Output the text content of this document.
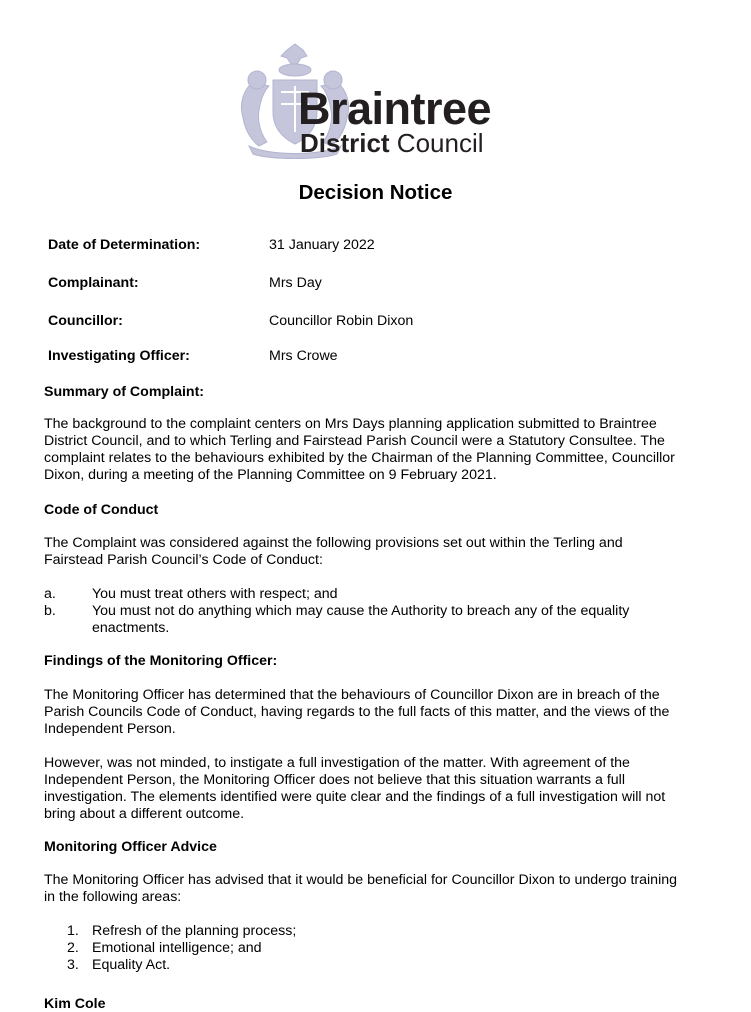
Braintree
District Council
Decision Notice
Date of Determination:	31 January 2022
Complainant:	Mrs Day
Councillor:	Councillor Robin Dixon
Investigating Officer:	Mrs Crowe
Summary of Complaint:
The background to the complaint centers on Mrs Days planning application submitted to Braintree
District Council, and to which Terling and Fairstead Parish Council were a Statutory Consultee. The
complaint relates to the behaviours exhibited by the Chairman of the Planning Committee, Councillor
Dixon, during a meeting of the Planning Committee on 9 February 2021.
Code of Conduct
The Complaint was considered against the following provisions set out within the Terling and
Fairstead Parish Council’s Code of Conduct:
a.	You must treat others with respect; and
b.	You must not do anything which may cause the Authority to breach any of the equality
enactments.
Findings of the Monitoring Officer:
The Monitoring Officer has determined that the behaviours of Councillor Dixon are in breach of the
Parish Councils Code of Conduct, having regards to the full facts of this matter, and the views of the
Independent Person.
However, was not minded, to instigate a full investigation of the matter. With agreement of the
Independent Person, the Monitoring Officer does not believe that this situation warrants a full
investigation. The elements identified were quite clear and the findings of a full investigation will not
bring about a different outcome.
Monitoring Officer Advice
The Monitoring Officer has advised that it would be beneficial for Councillor Dixon to undergo training
in the following areas:
1. Refresh of the planning process;
2. Emotional intelligence; and
3. Equality Act.
Kim Cole
